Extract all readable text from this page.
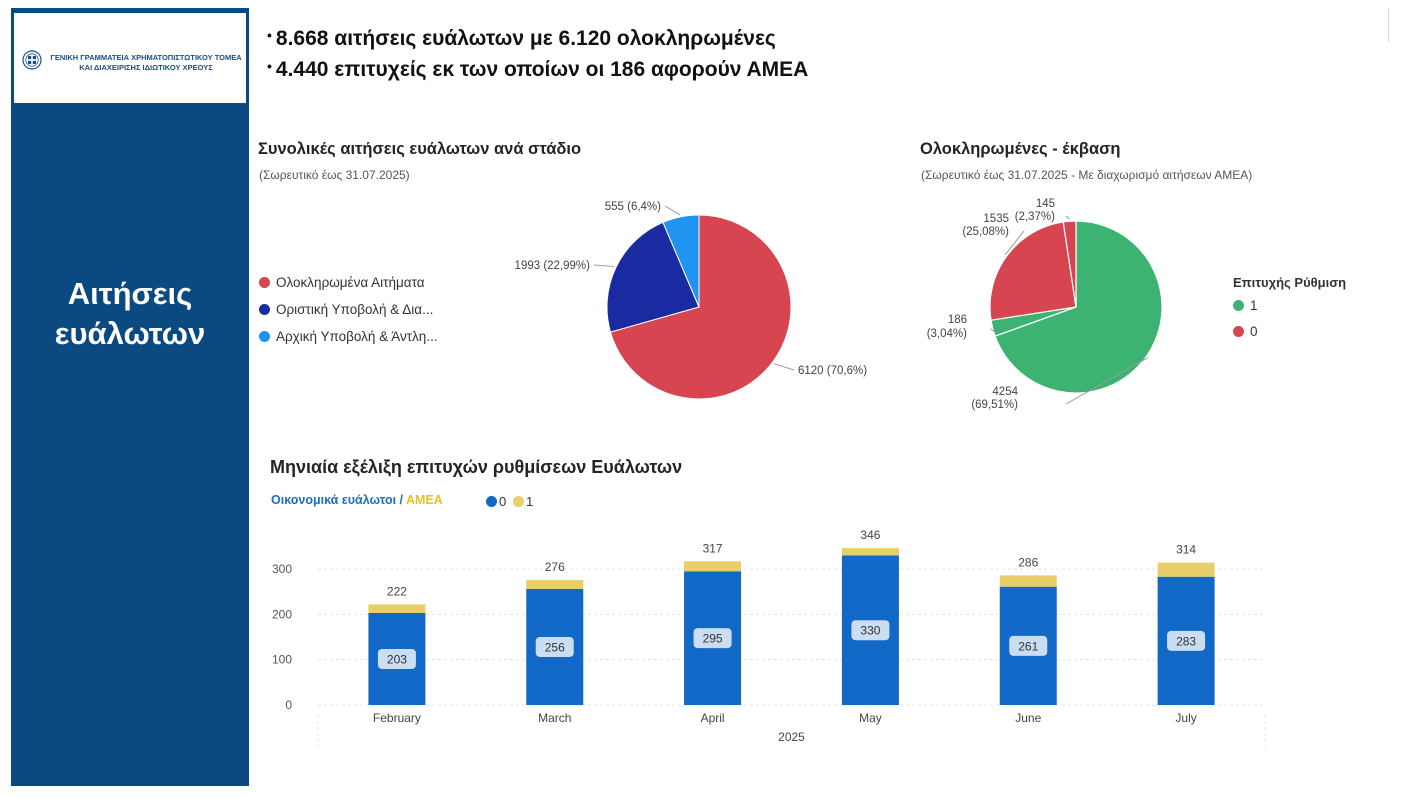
ΓΕΝΙΚΗ ΓΡΑΜΜΑΤΕΙΑ ΧΡΗΜΑΤΟΠΙΣΤΩΤΙΚΟΥ ΤΟΜΕΑ
ΚΑΙ ΔΙΑΧΕΙΡΙΣΗΣ ΙΔΙΩΤΙΚΟΥ ΧΡΕΟΥΣ
Αιτήσεις
ευάλωτων
• 8.668 αιτήσεις ευάλωτων με 6.120 ολοκληρωμένες
• 4.440 επιτυχείς εκ των οποίων οι 186 αφορούν ΑΜΕΑ
Συνολικές αιτήσεις ευάλωτων ανά στάδιο
(Σωρευτικό έως 31.07.2025)
Ολοκληρωμένα Αιτήματα
Οριστική Υποβολή & Δια...
Αρχική Υποβολή & Άντλη...
6120 (70,6%)
1993 (22,99%)
555 (6,4%)
Ολοκληρωμένες - έκβαση
(Σωρευτικό έως 31.07.2025 - Με διαχωρισμό αιτήσεων ΑΜΕΑ)
4254
(69,51%)
186
(3,04%)
1535
(25,08%)
145
(2,37%)
Επιτυχής Ρύθμιση
1
0
Μηνιαία εξέλιξη επιτυχών ρυθμίσεων Ευάλωτων
Οικονομικά ευάλωτοι / ΑΜΕΑ	0	1
0
100
200
300
203
222
February
256
276
March
295
317
April
330
346
May
261
286
June
283
314
July
2025
